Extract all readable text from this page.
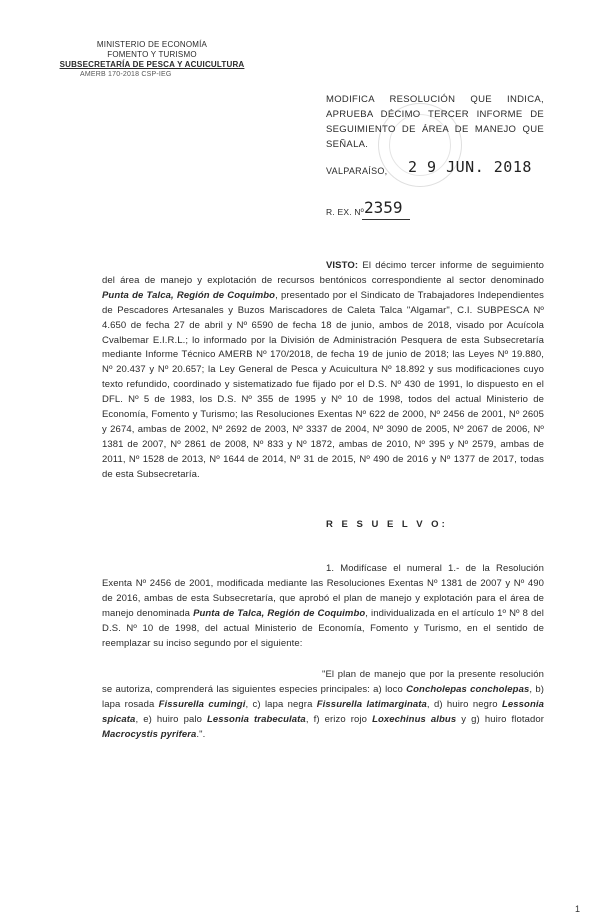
MINISTERIO DE ECONOMÍA
FOMENTO Y TURISMO
SUBSECRETARÍA DE PESCA Y ACUICULTURA
AMERB 170-2018 CSP-IEG
MODIFICA RESOLUCIÓN QUE INDICA, APRUEBA DÉCIMO TERCER INFORME DE SEGUIMIENTO DE ÁREA DE MANEJO QUE SEÑALA.
VALPARAÍSO, 2 9 JUN. 2018
R. EX. Nº 2359
VISTO: El décimo tercer informe de seguimiento del área de manejo y explotación de recursos bentónicos correspondiente al sector denominado Punta de Talca, Región de Coquimbo, presentado por el Sindicato de Trabajadores Independientes de Pescadores Artesanales y Buzos Mariscadores de Caleta Talca "Algamar", C.I. SUBPESCA Nº 4.650 de fecha 27 de abril y Nº 6590 de fecha 18 de junio, ambos de 2018, visado por Acuícola Cvalbemar E.I.R.L.; lo informado por la División de Administración Pesquera de esta Subsecretaría mediante Informe Técnico AMERB Nº 170/2018, de fecha 19 de junio de 2018; las Leyes Nº 19.880, Nº 20.437 y Nº 20.657; la Ley General de Pesca y Acuicultura Nº 18.892 y sus modificaciones cuyo texto refundido, coordinado y sistematizado fue fijado por el D.S. Nº 430 de 1991, lo dispuesto en el DFL. Nº 5 de 1983, los D.S. Nº 355 de 1995 y Nº 10 de 1998, todos del actual Ministerio de Economía, Fomento y Turismo; las Resoluciones Exentas Nº 622 de 2000, Nº 2456 de 2001, Nº 2605 y 2674, ambas de 2002, Nº 2692 de 2003, Nº 3337 de 2004, Nº 3090 de 2005, Nº 2067 de 2006, Nº 1381 de 2007, Nº 2861 de 2008, Nº 833 y Nº 1872, ambas de 2010, Nº 395 y Nº 2579, ambas de 2011, Nº 1528 de 2013, Nº 1644 de 2014, Nº 31 de 2015, Nº 490 de 2016 y Nº 1377 de 2017, todas de esta Subsecretaría.
R E S U E L V O:
1. Modifícase el numeral 1.- de la Resolución Exenta Nº 2456 de 2001, modificada mediante las Resoluciones Exentas Nº 1381 de 2007 y Nº 490 de 2016, ambas de esta Subsecretaría, que aprobó el plan de manejo y explotación para el área de manejo denominada Punta de Talca, Región de Coquimbo, individualizada en el artículo 1º Nº 8 del D.S. Nº 10 de 1998, del actual Ministerio de Economía, Fomento y Turismo, en el sentido de reemplazar su inciso segundo por el siguiente:
"El plan de manejo que por la presente resolución se autoriza, comprenderá las siguientes especies principales: a) loco Concholepas concholepas, b) lapa rosada Fissurella cumingi, c) lapa negra Fissurella latimarginata, d) huiro negro Lessonia spicata, e) huiro palo Lessonia trabeculata, f) erizo rojo Loxechinus albus y g) huiro flotador Macrocystis pyrifera.".
1
